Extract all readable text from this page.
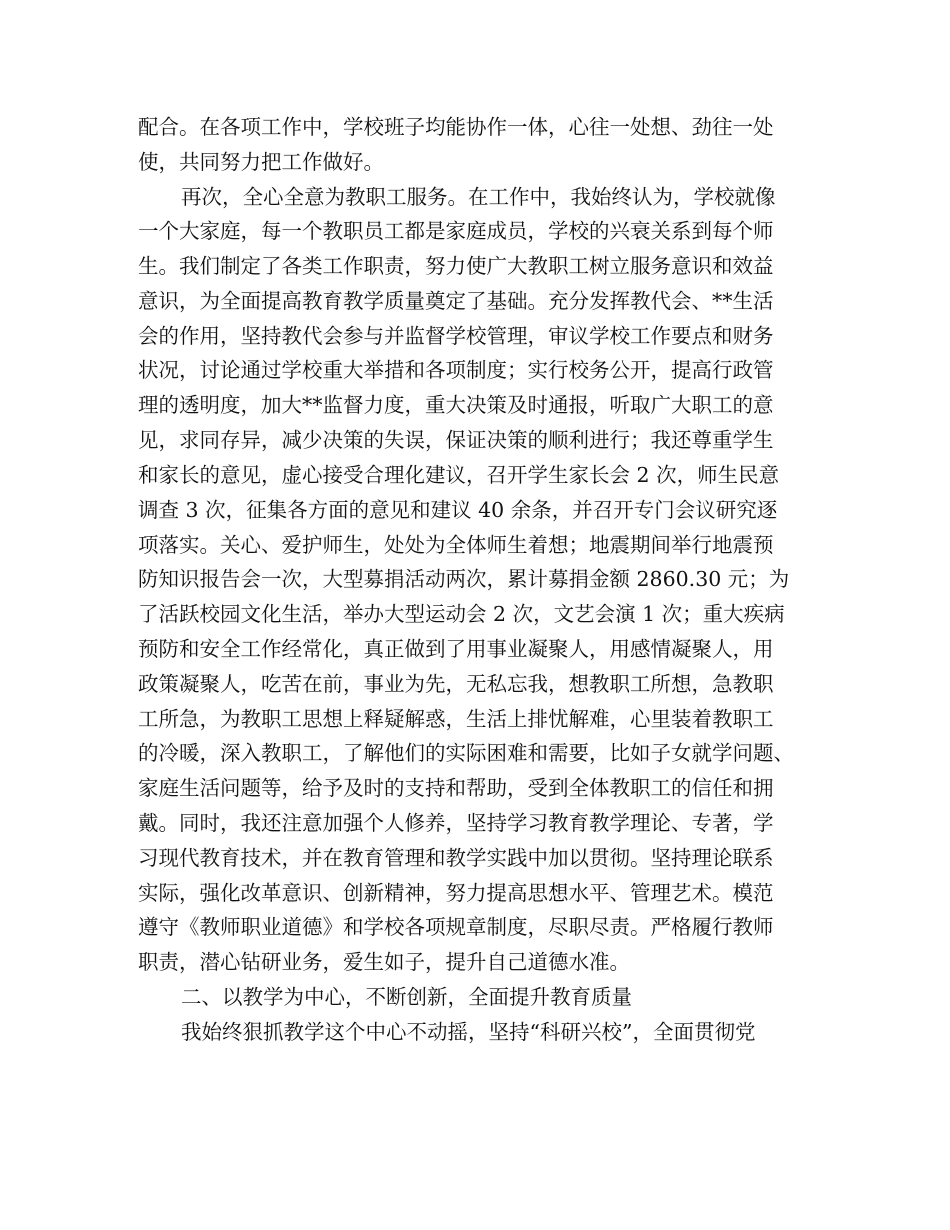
配合。在各项工作中，学校班子均能协作一体，心往一处想、劲往一处
使，共同努力把工作做好。
再次，全心全意为教职工服务。在工作中，我始终认为，学校就像
一个大家庭，每一个教职员工都是家庭成员，学校的兴衰关系到每个师
生。我们制定了各类工作职责，努力使广大教职工树立服务意识和效益
意识，为全面提高教育教学质量奠定了基础。充分发挥教代会、**生活
会的作用，坚持教代会参与并监督学校管理，审议学校工作要点和财务
状况，讨论通过学校重大举措和各项制度；实行校务公开，提高行政管
理的透明度，加大**监督力度，重大决策及时通报，听取广大职工的意
见，求同存异，减少决策的失误，保证决策的顺利进行；我还尊重学生
和家长的意见，虚心接受合理化建议，召开学生家长会 2 次，师生民意
调查 3 次，征集各方面的意见和建议 40 余条，并召开专门会议研究逐
项落实。关心、爱护师生，处处为全体师生着想；地震期间举行地震预
防知识报告会一次，大型募捐活动两次，累计募捐金额 2860.30 元；为
了活跃校园文化生活，举办大型运动会 2 次，文艺会演 1 次；重大疾病
预防和安全工作经常化，真正做到了用事业凝聚人，用感情凝聚人，用
政策凝聚人，吃苦在前，事业为先，无私忘我，想教职工所想，急教职
工所急，为教职工思想上释疑解惑，生活上排忧解难，心里装着教职工
的冷暖，深入教职工，了解他们的实际困难和需要，比如子女就学问题、
家庭生活问题等，给予及时的支持和帮助，受到全体教职工的信任和拥
戴。同时，我还注意加强个人修养，坚持学习教育教学理论、专著，学
习现代教育技术，并在教育管理和教学实践中加以贯彻。坚持理论联系
实际，强化改革意识、创新精神，努力提高思想水平、管理艺术。模范
遵守《教师职业道德》和学校各项规章制度，尽职尽责。严格履行教师
职责，潜心钻研业务，爱生如子，提升自己道德水准。
二、以教学为中心，不断创新，全面提升教育质量
我始终狠抓教学这个中心不动摇，坚持“科研兴校”，全面贯彻党
